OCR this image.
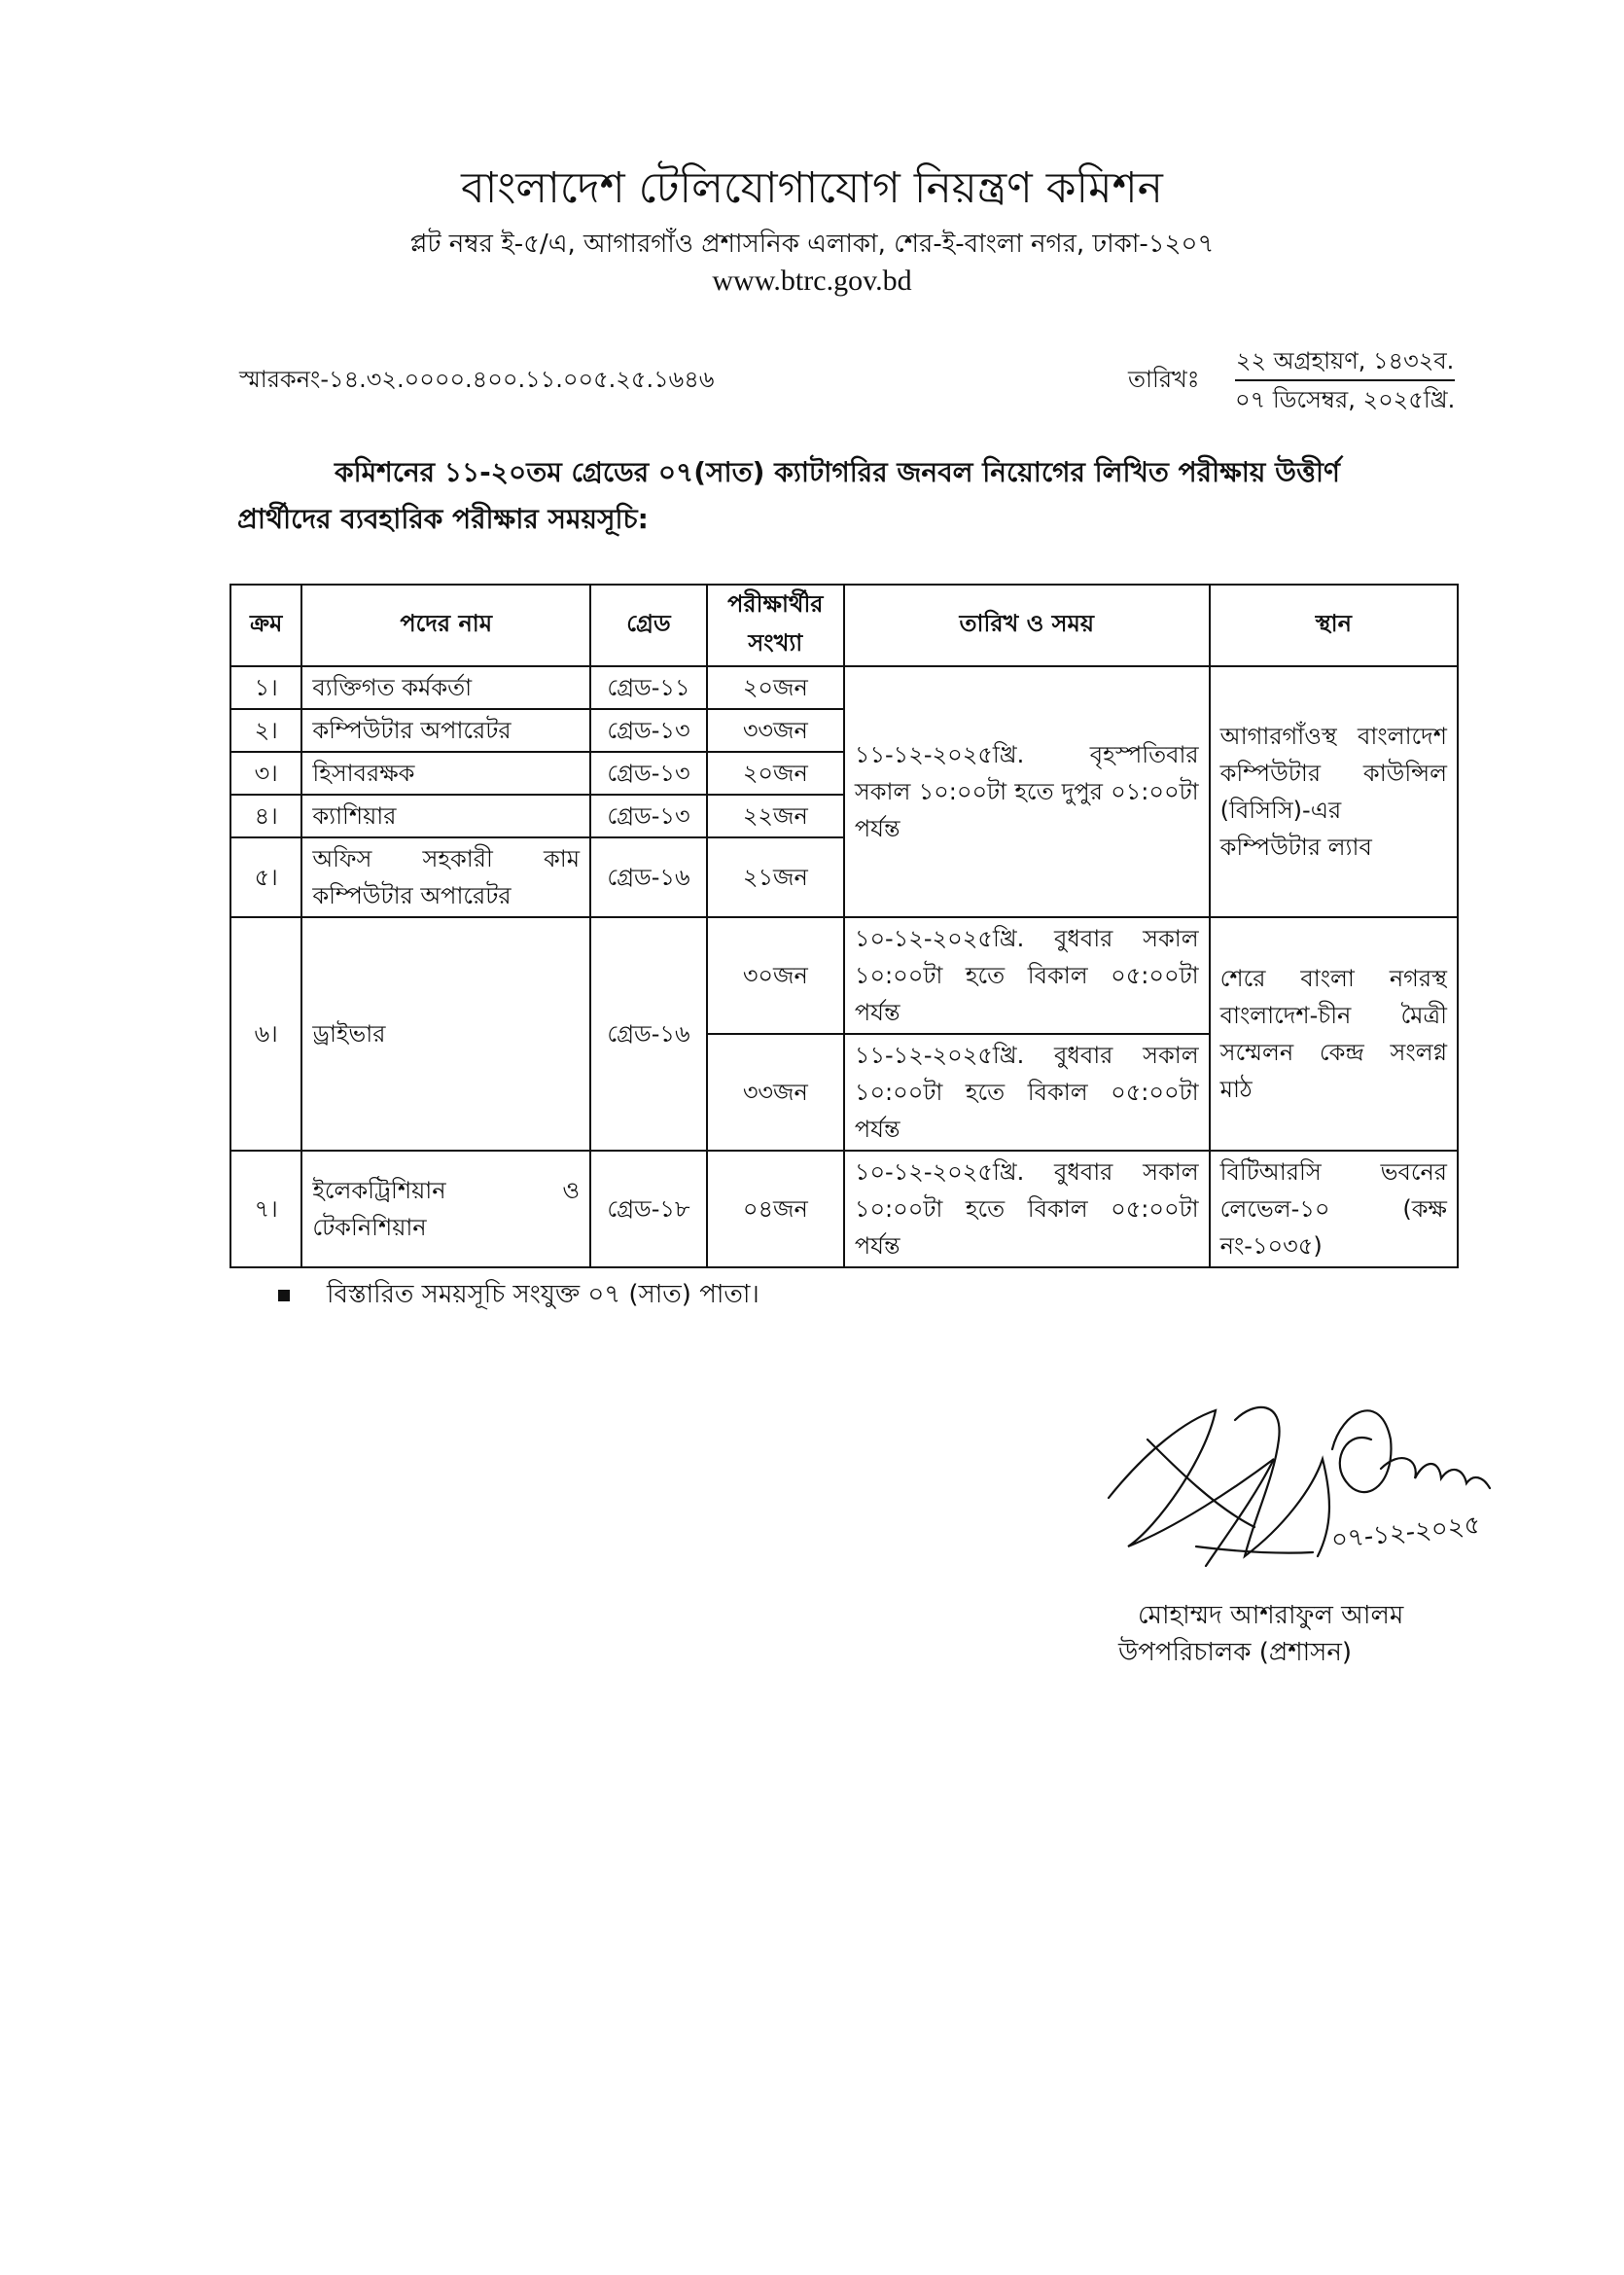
বাংলাদেশ টেলিযোগাযোগ নিয়ন্ত্রণ কমিশন
প্লট নম্বর ই-৫/এ, আগারগাঁও প্রশাসনিক এলাকা, শের-ই-বাংলা নগর, ঢাকা-১২০৭
www.btrc.gov.bd
স্মারকনং-১৪.৩২.০০০০.৪০০.১১.০০৫.২৫.১৬৪৬	তারিখঃ
২২ অগ্রহায়ণ, ১৪৩২ব.
০৭ ডিসেম্বর, ২০২৫খ্রি.
কমিশনের ১১-২০তম গ্রেডের ০৭(সাত) ক্যাটাগরির জনবল নিয়োগের লিখিত পরীক্ষায় উত্তীর্ণ
প্রার্থীদের ব্যবহারিক পরীক্ষার সময়সূচি:
ক্রম	পদের নাম	গ্রেড	পরীক্ষার্থীর সংখ্যা	তারিখ ও সময়	স্থান
১।	ব্যক্তিগত কর্মকর্তা	গ্রেড-১১	২০জন	১১-১২-২০২৫খ্রি. বৃহস্পতিবার সকাল ১০:০০টা হতে দুপুর ০১:০০টা পর্যন্ত	আগারগাঁওস্থ বাংলাদেশ কম্পিউটার কাউন্সিল (বিসিসি)-এর কম্পিউটার ল্যাব
২।	কম্পিউটার অপারেটর	গ্রেড-১৩	৩৩জন		
৩।	হিসাবরক্ষক	গ্রেড-১৩	২০জন		
৪।	ক্যাশিয়ার	গ্রেড-১৩	২২জন		
৫।	অফিস সহকারী কাম কম্পিউটার অপারেটর	গ্রেড-১৬	২১জন		
৬।	ড্রাইভার	গ্রেড-১৬	৩০জন	১০-১২-২০২৫খ্রি. বুধবার সকাল ১০:০০টা হতে বিকাল ০৫:০০টা পর্যন্ত	শেরে বাংলা নগরস্থ বাংলাদেশ-চীন মৈত্রী সম্মেলন কেন্দ্র সংলগ্ন মাঠ
			৩৩জন	১১-১২-২০২৫খ্রি. বুধবার সকাল ১০:০০টা হতে বিকাল ০৫:০০টা পর্যন্ত	
৭।	ইলেকট্রিশিয়ান ও টেকনিশিয়ান	গ্রেড-১৮	০৪জন	১০-১২-২০২৫খ্রি. বুধবার সকাল ১০:০০টা হতে বিকাল ০৫:০০টা পর্যন্ত	বিটিআরসি ভবনের লেভেল-১০ (কক্ষ নং-১০৩৫)
বিস্তারিত সময়সূচি সংযুক্ত ০৭ (সাত) পাতা।
০৭-১২-২০২৫
মোহাম্মদ আশরাফুল আলম
উপপরিচালক (প্রশাসন)
